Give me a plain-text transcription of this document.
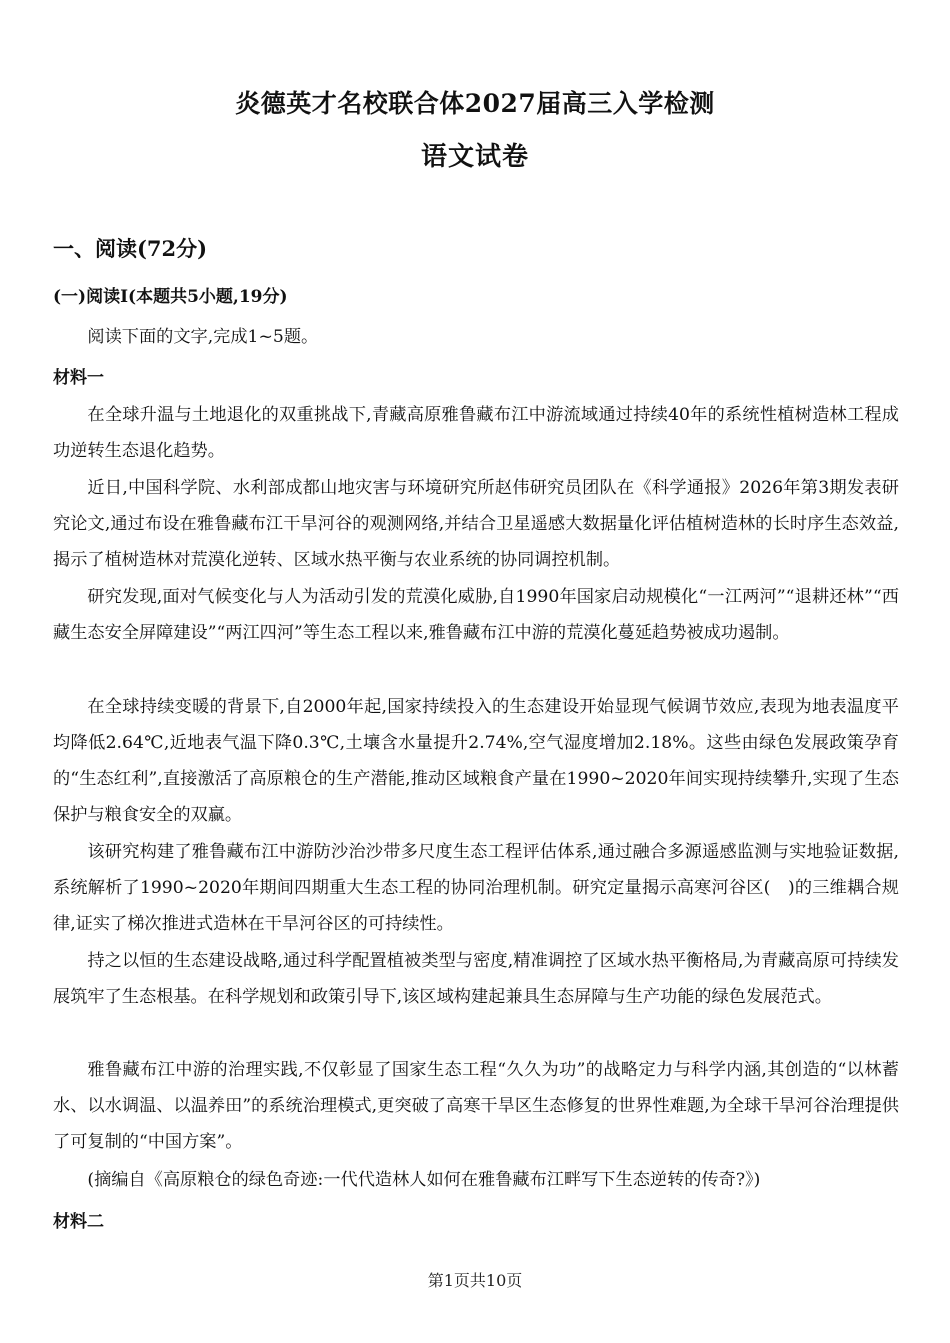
炎德英才名校联合体2027届高三入学检测
语文试卷
一、阅读(72分)
(一)阅读I(本题共5小题,19分)
阅读下面的文字,完成1~5题。
材料一
在全球升温与土地退化的双重挑战下,青藏高原雅鲁藏布江中游流域通过持续40年的系统性植树造林工程成功逆转生态退化趋势。
近日,中国科学院、水利部成都山地灾害与环境研究所赵伟研究员团队在《科学通报》2026年第3期发表研究论文,通过布设在雅鲁藏布江干旱河谷的观测网络,并结合卫星遥感大数据量化评估植树造林的长时序生态效益,揭示了植树造林对荒漠化逆转、区域水热平衡与农业系统的协同调控机制。
研究发现,面对气候变化与人为活动引发的荒漠化威胁,自1990年国家启动规模化“一江两河”“退耕还林”“西藏生态安全屏障建设”“两江四河”等生态工程以来,雅鲁藏布江中游的荒漠化蔓延趋势被成功遏制。
在全球持续变暖的背景下,自2000年起,国家持续投入的生态建设开始显现气候调节效应,表现为地表温度平均降低2.64℃,近地表气温下降0.3℃,土壤含水量提升2.74%,空气湿度增加2.18%。这些由绿色发展政策孕育的“生态红利”,直接激活了高原粮仓的生产潜能,推动区域粮食产量在1990~2020年间实现持续攀升,实现了生态保护与粮食安全的双赢。
该研究构建了雅鲁藏布江中游防沙治沙带多尺度生态工程评估体系,通过融合多源遥感监测与实地验证数据,系统解析了1990~2020年期间四期重大生态工程的协同治理机制。研究定量揭示高寒河谷区(　)的三维耦合规律,证实了梯次推进式造林在干旱河谷区的可持续性。
持之以恒的生态建设战略,通过科学配置植被类型与密度,精准调控了区域水热平衡格局,为青藏高原可持续发展筑牢了生态根基。在科学规划和政策引导下,该区域构建起兼具生态屏障与生产功能的绿色发展范式。
雅鲁藏布江中游的治理实践,不仅彰显了国家生态工程“久久为功”的战略定力与科学内涵,其创造的“以林蓄水、以水调温、以温养田”的系统治理模式,更突破了高寒干旱区生态修复的世界性难题,为全球干旱河谷治理提供了可复制的“中国方案”。
(摘编自《高原粮仓的绿色奇迹:一代代造林人如何在雅鲁藏布江畔写下生态逆转的传奇?》)
材料二
第1页共10页
